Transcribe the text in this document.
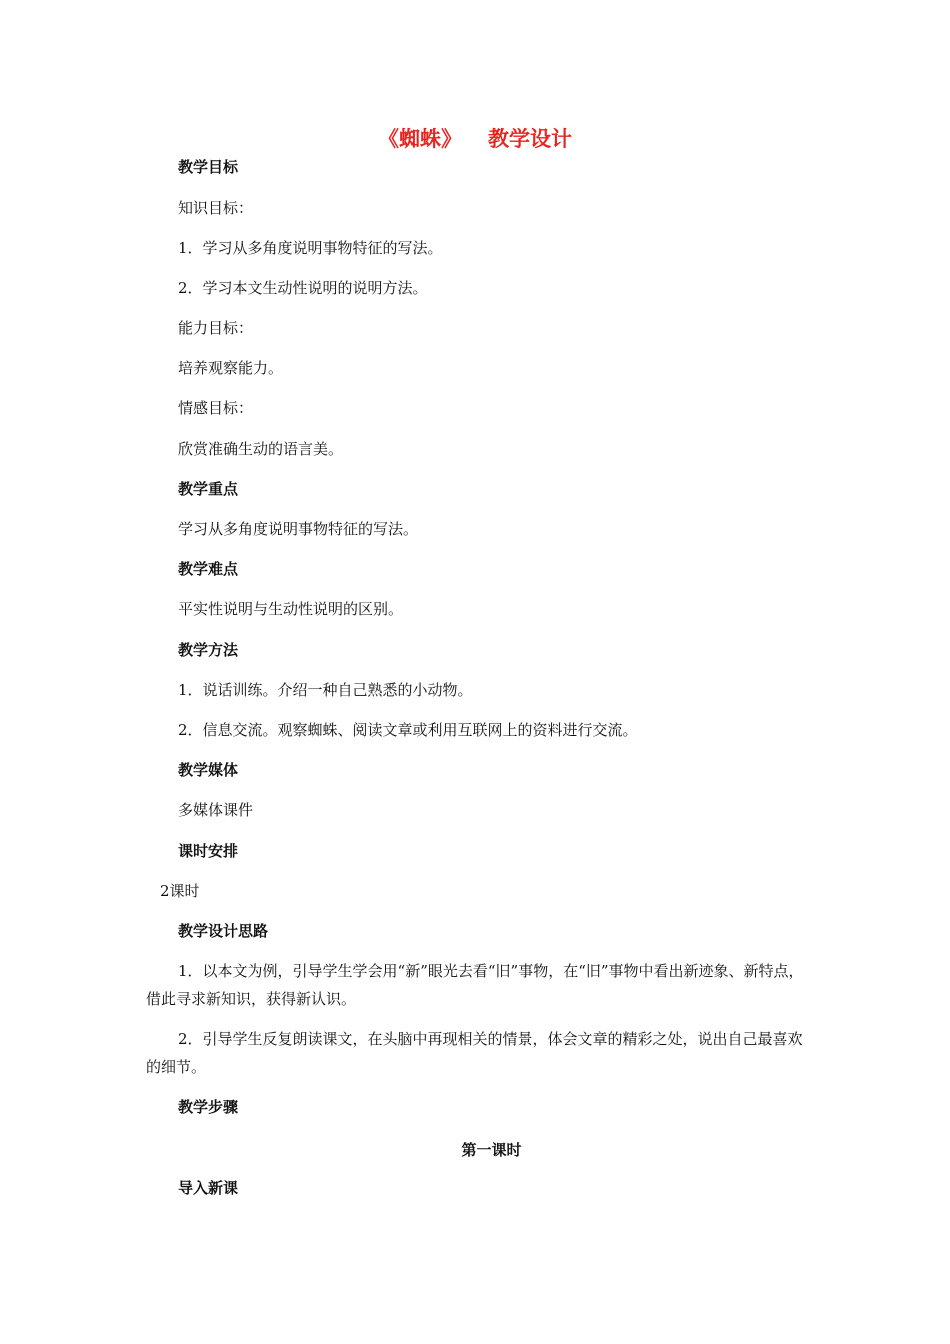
《蜘蛛》 教学设计
教学目标
知识目标：
1．学习从多角度说明事物特征的写法。
2．学习本文生动性说明的说明方法。
能力目标：
培养观察能力。
情感目标：
欣赏准确生动的语言美。
教学重点
学习从多角度说明事物特征的写法。
教学难点
平实性说明与生动性说明的区别。
教学方法
1．说话训练。介绍一种自己熟悉的小动物。
2．信息交流。观察蜘蛛、阅读文章或利用互联网上的资料进行交流。
教学媒体
多媒体课件
课时安排
2课时
教学设计思路
1．以本文为例，引导学生学会用“新”眼光去看“旧”事物，在“旧”事物中看出新迹象、新特点，借此寻求新知识，获得新认识。
2．引导学生反复朗读课文，在头脑中再现相关的情景，体会文章的精彩之处，说出自己最喜欢的细节。
教学步骤
第一课时
导入新课
